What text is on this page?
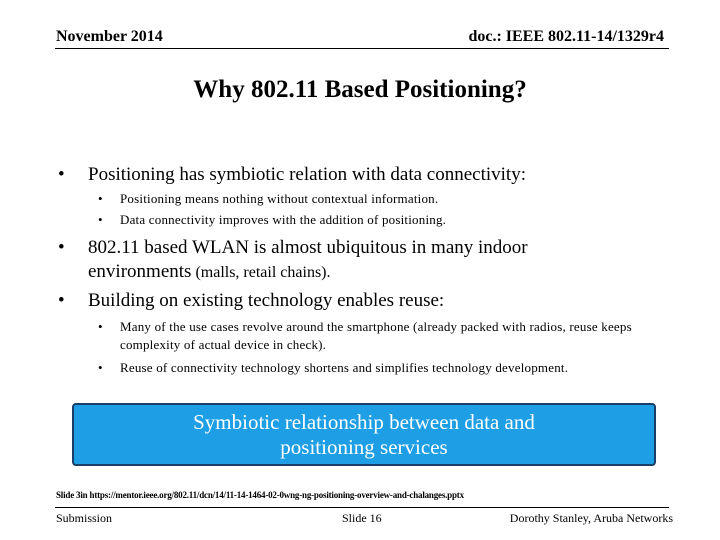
November 2014	doc.: IEEE 802.11-14/1329r4
Why 802.11 Based Positioning?
• Positioning has symbiotic relation with data connectivity:
• Positioning means nothing without contextual information.
• Data connectivity improves with the addition of positioning.
• 802.11 based WLAN is almost ubiquitous in many indoor environments (malls, retail chains).
• Building on existing technology enables reuse:
• Many of the use cases revolve around the smartphone (already packed with radios, reuse keeps complexity of actual device in check).
• Reuse of connectivity technology shortens and simplifies technology development.
Symbiotic relationship between data and
positioning services
Slide 3in https://mentor.ieee.org/802.11/dcn/14/11-14-1464-02-0wng-ng-positioning-overview-and-chalanges.pptx
Submission	Slide 16	Dorothy Stanley, Aruba Networks
